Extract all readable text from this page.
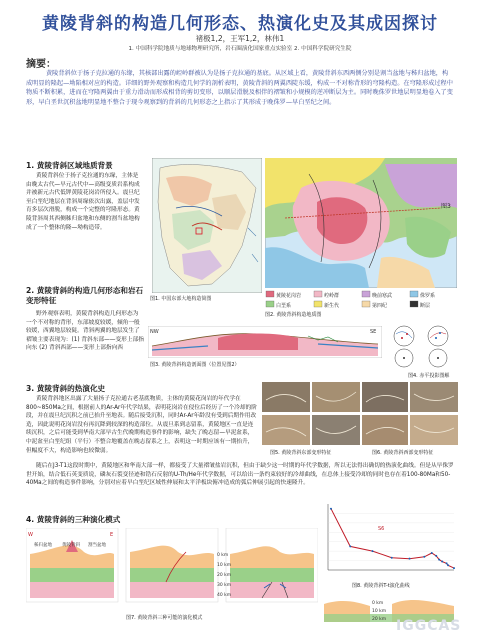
黄陵背斜的构造几何形态、热演化史及其成因探讨
褚极1,2，王军1,2，林伟1
1. 中国科学院地质与地球物理研究所，岩石圈演化国家重点实验室 2. 中国科学院研究生院
摘要：

黄陵背斜位于扬子克拉通的东缘，其核部出露的崆岭群被认为是扬子克拉通的基底。从区域上看，黄陵背斜东西两侧分别是割当盆地与秭归盆地，构成明显的隆起—坳陷相对应的构造。详细的野外观察和构造几何学的剖析表明，黄陵背斜的两翼西陡东缓，构成一不对称背形的穹隆构造。在穹隆形成过程中物质不断积累，进而在穹隆两翼由于重力滑动而形成相背的剪切变形，以顺层滑脱及相伴的褶皱和小规模的逆冲断层为主。同时晚侏罗世地层明显地卷入了变形，早白垩世沉积盆地明显地不整合于现今观察到的背斜的几何形态之上指示了其形成于晚侏罗—早白垩纪之间。

1. 黄陵背斜区域地质背景

黄陵背斜位于扬子克拉通的东缘，主体是由晚太古代—早元古代中—高级变质岩系构成并被新元古代低钾黄陵花岗岩所侵入。震旦纪至白垩纪地层在背斜周缘依次出露，盖层中发育多层次滑脱，构成一个完整的穹隆形态。黄陵背斜周其西侧秭归盆地和东侧的割当盆地构成了一个整体的隆—坳构造带。

图1. 中国东部大地构造简图

图3
黄陵花岗岩	崆岭群	晚前寒武	侏罗系
白垩系	新生代	第四纪	断层

图2. 黄陵背斜构造地质图

2. 黄陵背斜的构造几何形态和岩石变形特征

野外观察表明，黄陵背斜构造几何形态为一个不对称的背形，东部坡度较缓，倾角一般较缓，西翼地层较陡。背斜两翼的地层发生了褶皱主要表现为：(1) 背斜东部——变形上部指向东 (2) 背斜西部——变形上部指向西

NW	SE

图3. 黄陵背斜构造剖面图（位置见图2）

图4. 赤平投影图解

3. 黄陵背斜的热演化史

黄陵背斜地区出露了大量扬子克拉通古老基底物质，主体的黄陵花岗岩的年代学在800~850Ma之间，根据前人的Ar-Ar年代学结果，表明花岗岩在侵位后经历了一个冷却的阶段，并在震旦纪沉积之前已抬升至地表。随后接受沉积，同时Ar-Ar年龄没有受到后期作用改造，因此说明花岗岩没有再沉降到较深的构造部位。从震旦系到志留系，黄陵地区一直是连续沉积，之后可能受到华南大部早古生代晚期构造事件的影响，缺失了晚志留—早泥盆系，中泥盆至白垩纪组（平行）不整合地覆盖在晚志留系之上，表明这一时期应该有一期抬升，但幅度不大，构造影响也较微弱。	图5. 黄陵背斜东部变形特征	图6. 黄陵背斜西部变形特征

随后在J3-T1这段时期中，黄陵地区和华南大部一样，都接受了大量褶皱盐岩沉积，但由于缺少这一时期的年代学数据，所以无法得出确切的热演化曲线。但是从早侏罗世开始，结合低石英变质说，磷灰石裂变径迹和锆石反射的U-Th/He年代学数据，可以给出一条约束较好的冷却曲线，在总体上接受冷却的同时也存在着100-80Ma和50-40Ma之间的构造事件影响，分别对应着早白垩纪区域性伸展和太平洋板块俯冲造成的弧后伸展引起的快速隆升。

S6

图8. 黄陵背斜T-t演化曲线

4. 黄陵背斜的三种演化模式

W	E
秭归盆地 黄陵背斜 割当盆地
0 km
10 km
20 km
30 km
40 km
0 km
10 km
20 km

图7. 黄陵背斜三种可能的演化模式	IGGCAS
